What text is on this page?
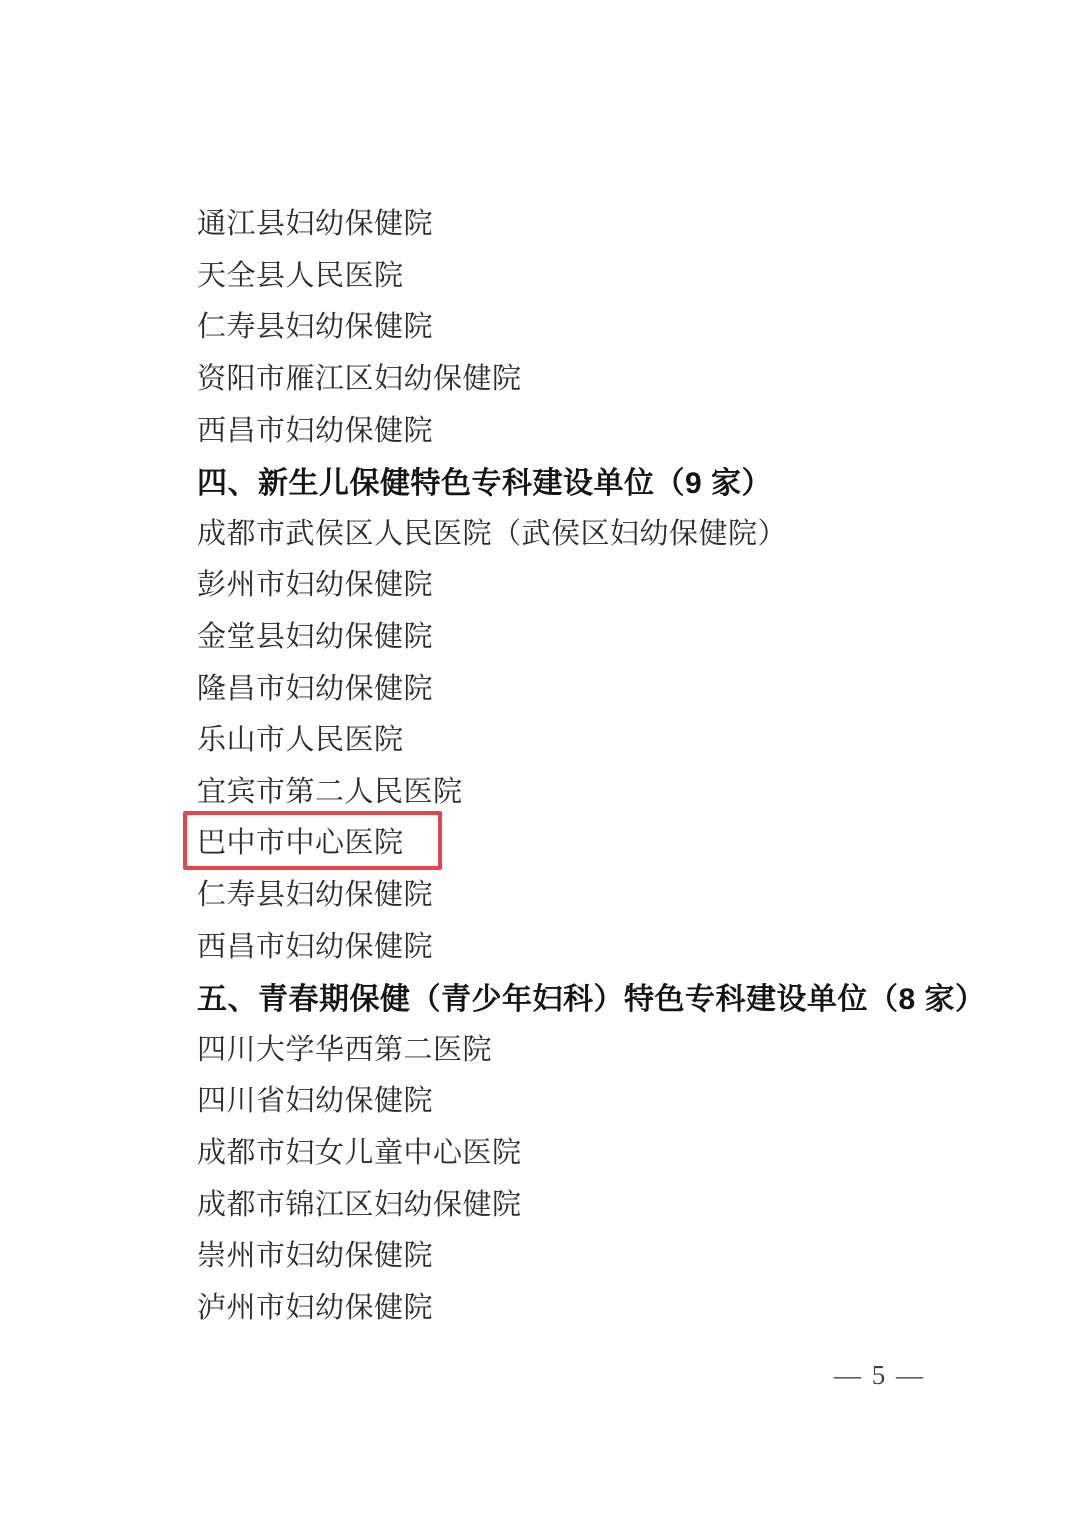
通江县妇幼保健院
天全县人民医院
仁寿县妇幼保健院
资阳市雁江区妇幼保健院
西昌市妇幼保健院
四、新生儿保健特色专科建设单位（9 家）
成都市武侯区人民医院（武侯区妇幼保健院）
彭州市妇幼保健院
金堂县妇幼保健院
隆昌市妇幼保健院
乐山市人民医院
宜宾市第二人民医院
巴中市中心医院
仁寿县妇幼保健院
西昌市妇幼保健院
五、青春期保健（青少年妇科）特色专科建设单位（8 家）
四川大学华西第二医院
四川省妇幼保健院
成都市妇女儿童中心医院
成都市锦江区妇幼保健院
崇州市妇幼保健院
泸州市妇幼保健院
— 5 —
